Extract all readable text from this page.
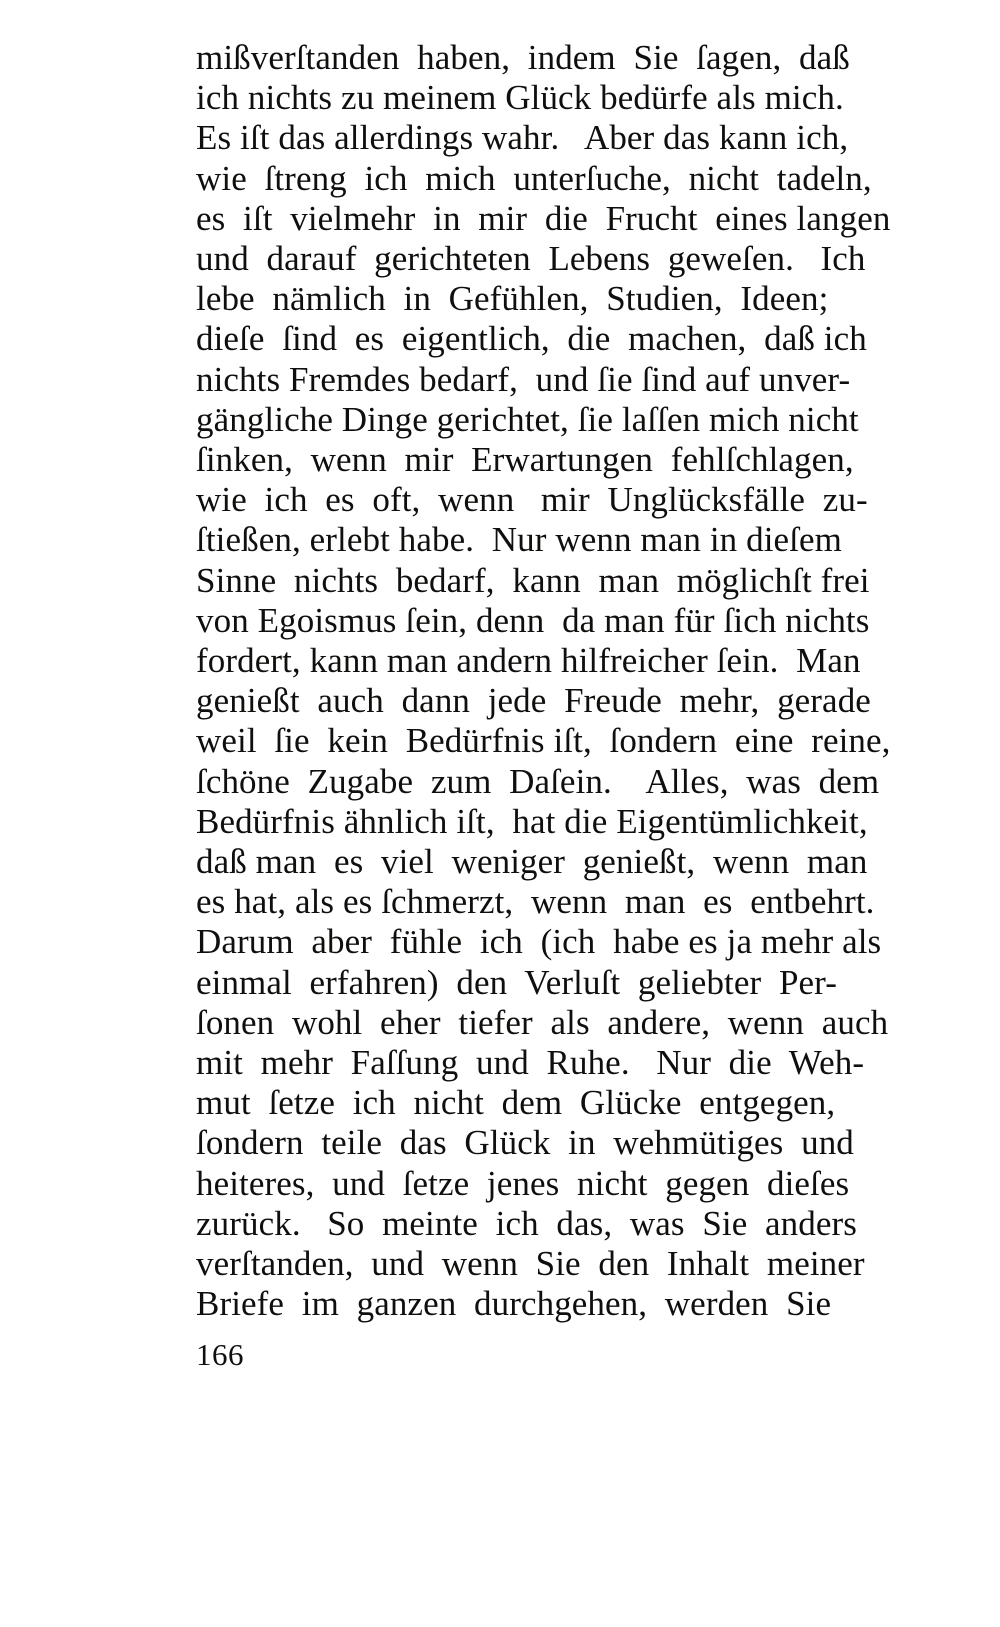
mißverſtanden  haben,  indem  Sie  ſagen,  daß
ich nichts zu meinem Glück bedürfe als mich.
Es iſt das allerdings wahr.   Aber das kann ich,
wie  ſtreng  ich  mich  unterſuche,  nicht  tadeln,
es  iſt  vielmehr  in  mir  die  Frucht  eines langen
und  darauf  gerichteten  Lebens  geweſen.   Ich
lebe  nämlich  in  Gefühlen,  Studien,  Ideen;
dieſe  ſind  es  eigentlich,  die  machen,  daß ich
nichts Fremdes bedarf,  und ſie ſind auf unver-
gängliche Dinge gerichtet, ſie laſſen mich nicht
ſinken,  wenn  mir  Erwartungen  fehlſchlagen,
wie  ich  es  oft,  wenn   mir  Unglücksfälle  zu-
ſtießen, erlebt habe.  Nur wenn man in dieſem
Sinne  nichts  bedarf,  kann  man  möglichſt frei
von Egoismus ſein, denn  da man für ſich nichts
fordert, kann man andern hilfreicher ſein.  Man
genießt  auch  dann  jede  Freude  mehr,  gerade
weil  ſie  kein  Bedürfnis iſt,  ſondern  eine  reine,
ſchöne  Zugabe  zum  Daſein.    Alles,  was  dem
Bedürfnis ähnlich iſt,  hat die Eigentümlichkeit,
daß man  es  viel  weniger  genießt,  wenn  man
es hat, als es ſchmerzt,  wenn  man  es  entbehrt.
Darum  aber  fühle  ich  (ich  habe es ja mehr als
einmal  erfahren)  den  Verluſt  geliebter  Per-
ſonen  wohl  eher  tiefer  als  andere,  wenn  auch
mit  mehr  Faſſung  und  Ruhe.   Nur  die  Weh-
mut  ſetze  ich  nicht  dem  Glücke  entgegen,
ſondern  teile  das  Glück  in  wehmütiges  und
heiteres,  und  ſetze  jenes  nicht  gegen  dieſes
zurück.   So  meinte  ich  das,  was  Sie  anders
verſtanden,  und  wenn  Sie  den  Inhalt  meiner
Briefe  im  ganzen  durchgehen,  werden  Sie
166
